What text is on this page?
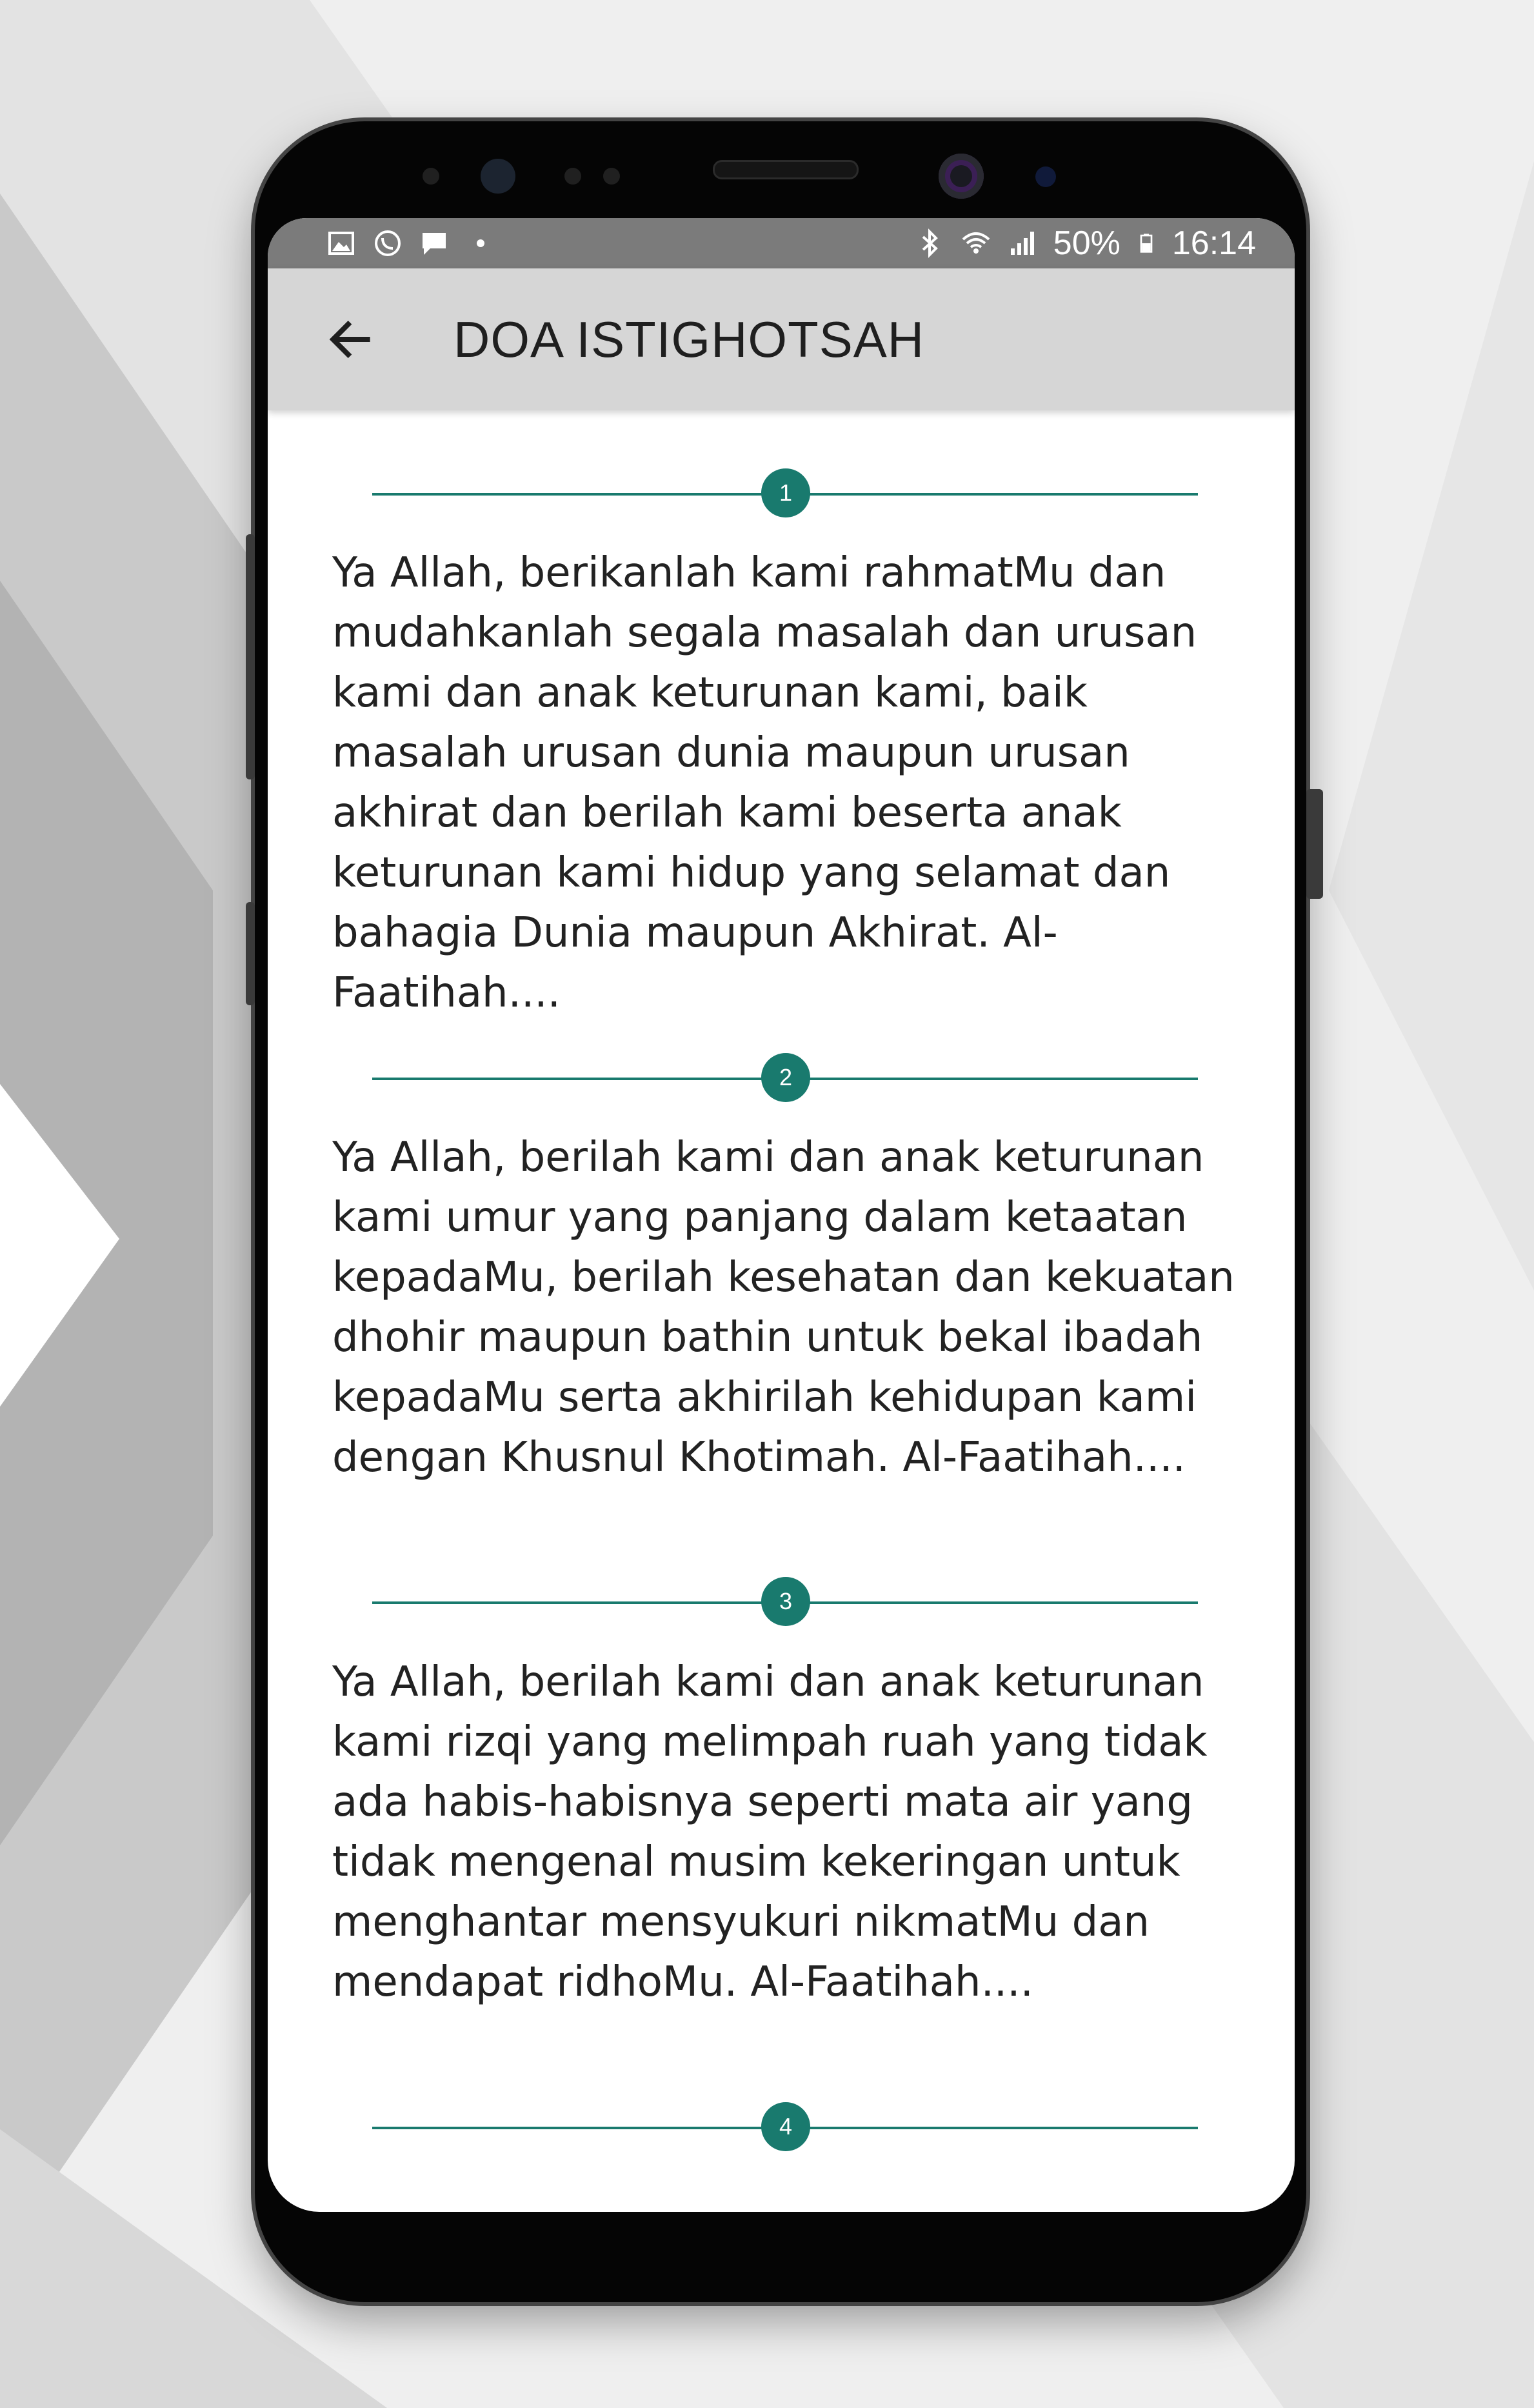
50% 16:14
DOA ISTIGHOTSAH
1

Ya Allah, berikanlah kami rahmatMu dan mudahkanlah segala masalah dan urusan kami dan anak keturunan kami, baik masalah urusan dunia maupun urusan akhirat dan berilah kami beserta anak keturunan kami hidup yang selamat dan bahagia Dunia maupun Akhirat. Al-Faatihah....

2

Ya Allah, berilah kami dan anak keturunan kami umur yang panjang dalam ketaatan kepadaMu, berilah kesehatan dan kekuatan dhohir maupun bathin untuk bekal ibadah kepadaMu serta akhirilah kehidupan kami dengan Khusnul Khotimah. Al-Faatihah....

3

Ya Allah, berilah kami dan anak keturunan kami rizqi yang melimpah ruah yang tidak ada habis-habisnya seperti mata air yang tidak mengenal musim kekeringan untuk menghantar mensyukuri nikmatMu dan mendapat ridhoMu. Al-Faatihah....

4
